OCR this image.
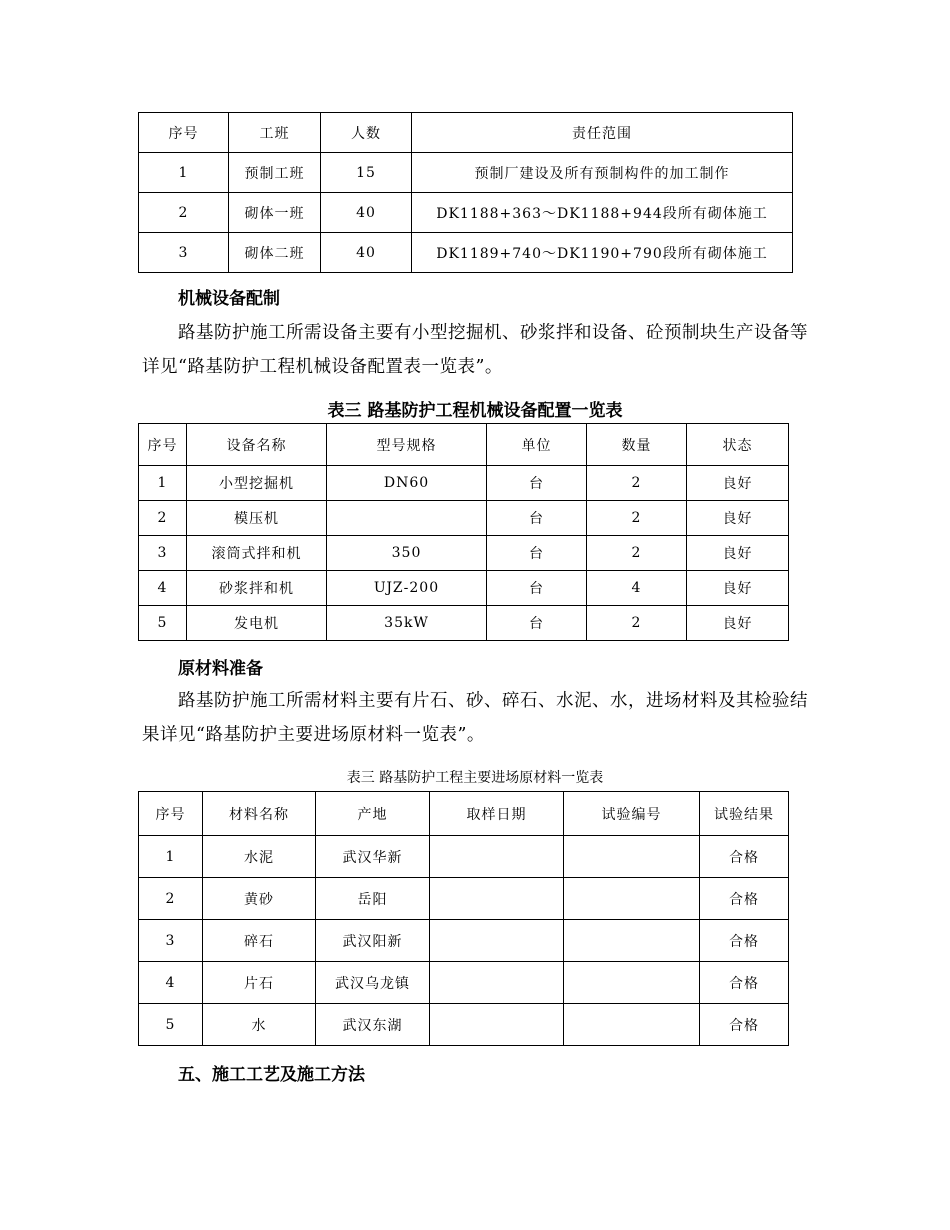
序号	工班	人数	责任范围
1	预制工班	15	预制厂建设及所有预制构件的加工制作
2	砌体一班	40	DK1188+363～DK1188+944段所有砌体施工
3	砌体二班	40	DK1189+740～DK1190+790段所有砌体施工
机械设备配制
路基防护施工所需设备主要有小型挖掘机、砂浆拌和设备、砼预制块生产设备等详见“路基防护工程机械设备配置表一览表”。
表三 路基防护工程机械设备配置一览表
序号	设备名称	型号规格	单位	数量	状态
1	小型挖掘机	DN60	台	2	良好
2	模压机		台	2	良好
3	滚筒式拌和机	350	台	2	良好
4	砂浆拌和机	UJZ-200	台	4	良好
5	发电机	35kW	台	2	良好
原材料准备
路基防护施工所需材料主要有片石、砂、碎石、水泥、水，进场材料及其检验结果详见“路基防护主要进场原材料一览表”。
表三 路基防护工程主要进场原材料一览表
序号	材料名称	产地	取样日期	试验编号	试验结果
1	水泥	武汉华新			合格
2	黄砂	岳阳			合格
3	碎石	武汉阳新			合格
4	片石	武汉乌龙镇			合格
5	水	武汉东湖			合格
五、施工工艺及施工方法
